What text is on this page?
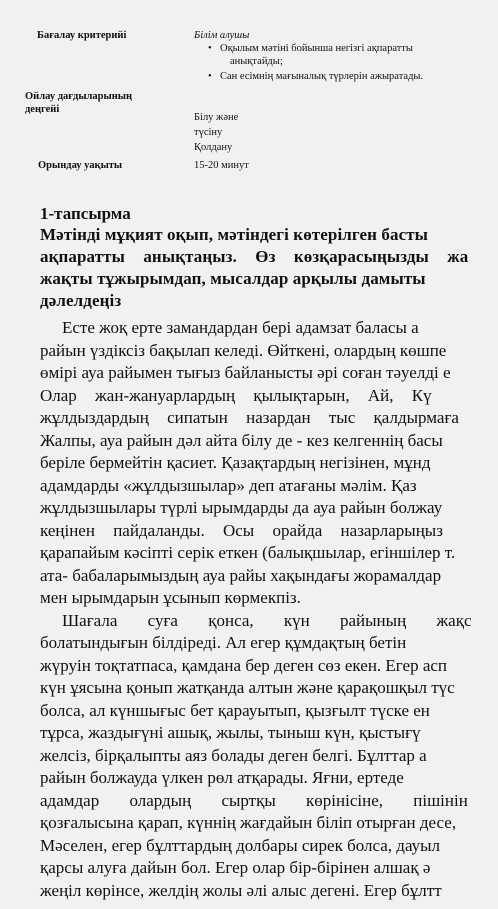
Бағалау критерийі	Білім алушы
• Оқылым мәтіні бойынша негізгі ақпаратты
анықтайды;
• Сан есімнің мағыналық түрлерін ажыратады.
Ойлау дағдыларының
деңгейі
Білу және
түсіну
Қолдану
Орындау уақыты	15-20 минут
1-тапсырма
Мәтінді мұқият оқып, мәтіндегі көтерілген басты
ақпаратты анықтаңыз. Өз көзқарасыңызды жа
жақты тұжырымдап, мысалдар арқылы дамыты
дәлелдеңіз
Есте жоқ ерте замандардан бері адамзат баласы а
райын үздіксіз бақылап келеді. Өйткені, олардың көшпе
өмірі ауа райымен тығыз байланысты әрі соған тәуелді е
Олар жан-жануарлардың қылықтарын, Ай, Кү
жұлдыздардың сипатын назардан тыс қалдырмаға
Жалпы, ауа райын дәл айта білу де - кез келгеннің басы
беріле бермейтін қасиет. Қазақтардың негізінен, мұнд
адамдарды «жұлдызшылар» деп атағаны мәлім. Қаз
жұлдызшылары түрлі ырымдарды да ауа райын болжау
кеңінен пайдаланды. Осы орайда назарларыңыз
қарапайым кәсіпті серік еткен (балықшылар, егіншілер т.
ата- бабаларымыздың ауа райы хақындағы жорамалдар
мен ырымдарын ұсынып көрмекпіз.
Шағала суға қонса, күн райының жақс
болатындығын білдіреді. Ал егер құмдақтың бетін
жүруін тоқтатпаса, қамдана бер деген сөз екен. Егер асп
күн ұясына қонып жатқанда алтын және қарақошқыл түс
болса, ал күншығыс бет қарауытып, қызғылт түске ен
тұрса, жаздығүні ашық, жылы, тыныш күн, қыстығү
желсіз, бірқалыпты аяз болады деген белгі. Бұлттар а
райын болжауда үлкен рөл атқарады. Яғни, ертеде
адамдар олардың сыртқы көрінісіне, пішінін
қозғалысына қарап, күннің жағдайын біліп отырған десе,
Мәселен, егер бұлттардың долбары сирек болса, дауыл
қарсы алуға дайын бол. Егер олар бір-бірінен алшақ ә
жеңіл көрінсе, желдің жолы әлі алыс дегені. Егер бұлтт
